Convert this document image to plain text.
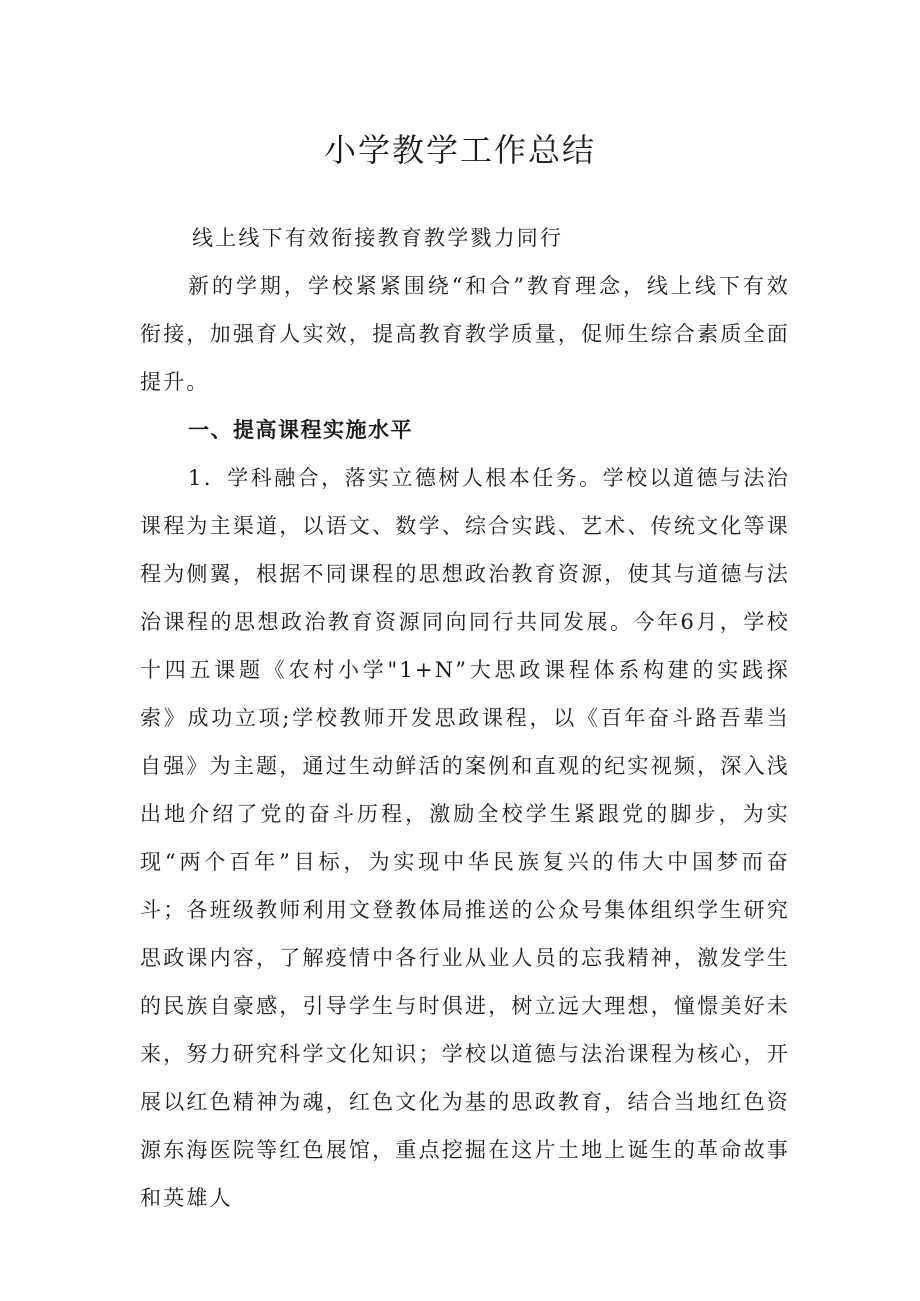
小学教学工作总结

线上线下有效衔接教育教学戮力同行

新的学期，学校紧紧围绕“和合”教育理念，线上线下有效衔接，加强育人实效，提高教育教学质量，促师生综合素质全面提升。

一、提高课程实施水平

1．学科融合，落实立德树人根本任务。学校以道德与法治课程为主渠道，以语文、数学、综合实践、艺术、传统文化等课程为侧翼，根据不同课程的思想政治教育资源，使其与道德与法治课程的思想政治教育资源同向同行共同发展。今年6月，学校十四五课题《农村小学"1+N”大思政课程体系构建的实践探索》成功立项;学校教师开发思政课程，以《百年奋斗路吾辈当自强》为主题，通过生动鲜活的案例和直观的纪实视频，深入浅出地介绍了党的奋斗历程，激励全校学生紧跟党的脚步，为实现“两个百年”目标，为实现中华民族复兴的伟大中国梦而奋斗；各班级教师利用文登教体局推送的公众号集体组织学生研究思政课内容，了解疫情中各行业从业人员的忘我精神，激发学生的民族自豪感，引导学生与时俱进，树立远大理想，憧憬美好未来，努力研究科学文化知识；学校以道德与法治课程为核心，开展以红色精神为魂，红色文化为基的思政教育，结合当地红色资源东海医院等红色展馆，重点挖掘在这片土地上诞生的革命故事和英雄人
